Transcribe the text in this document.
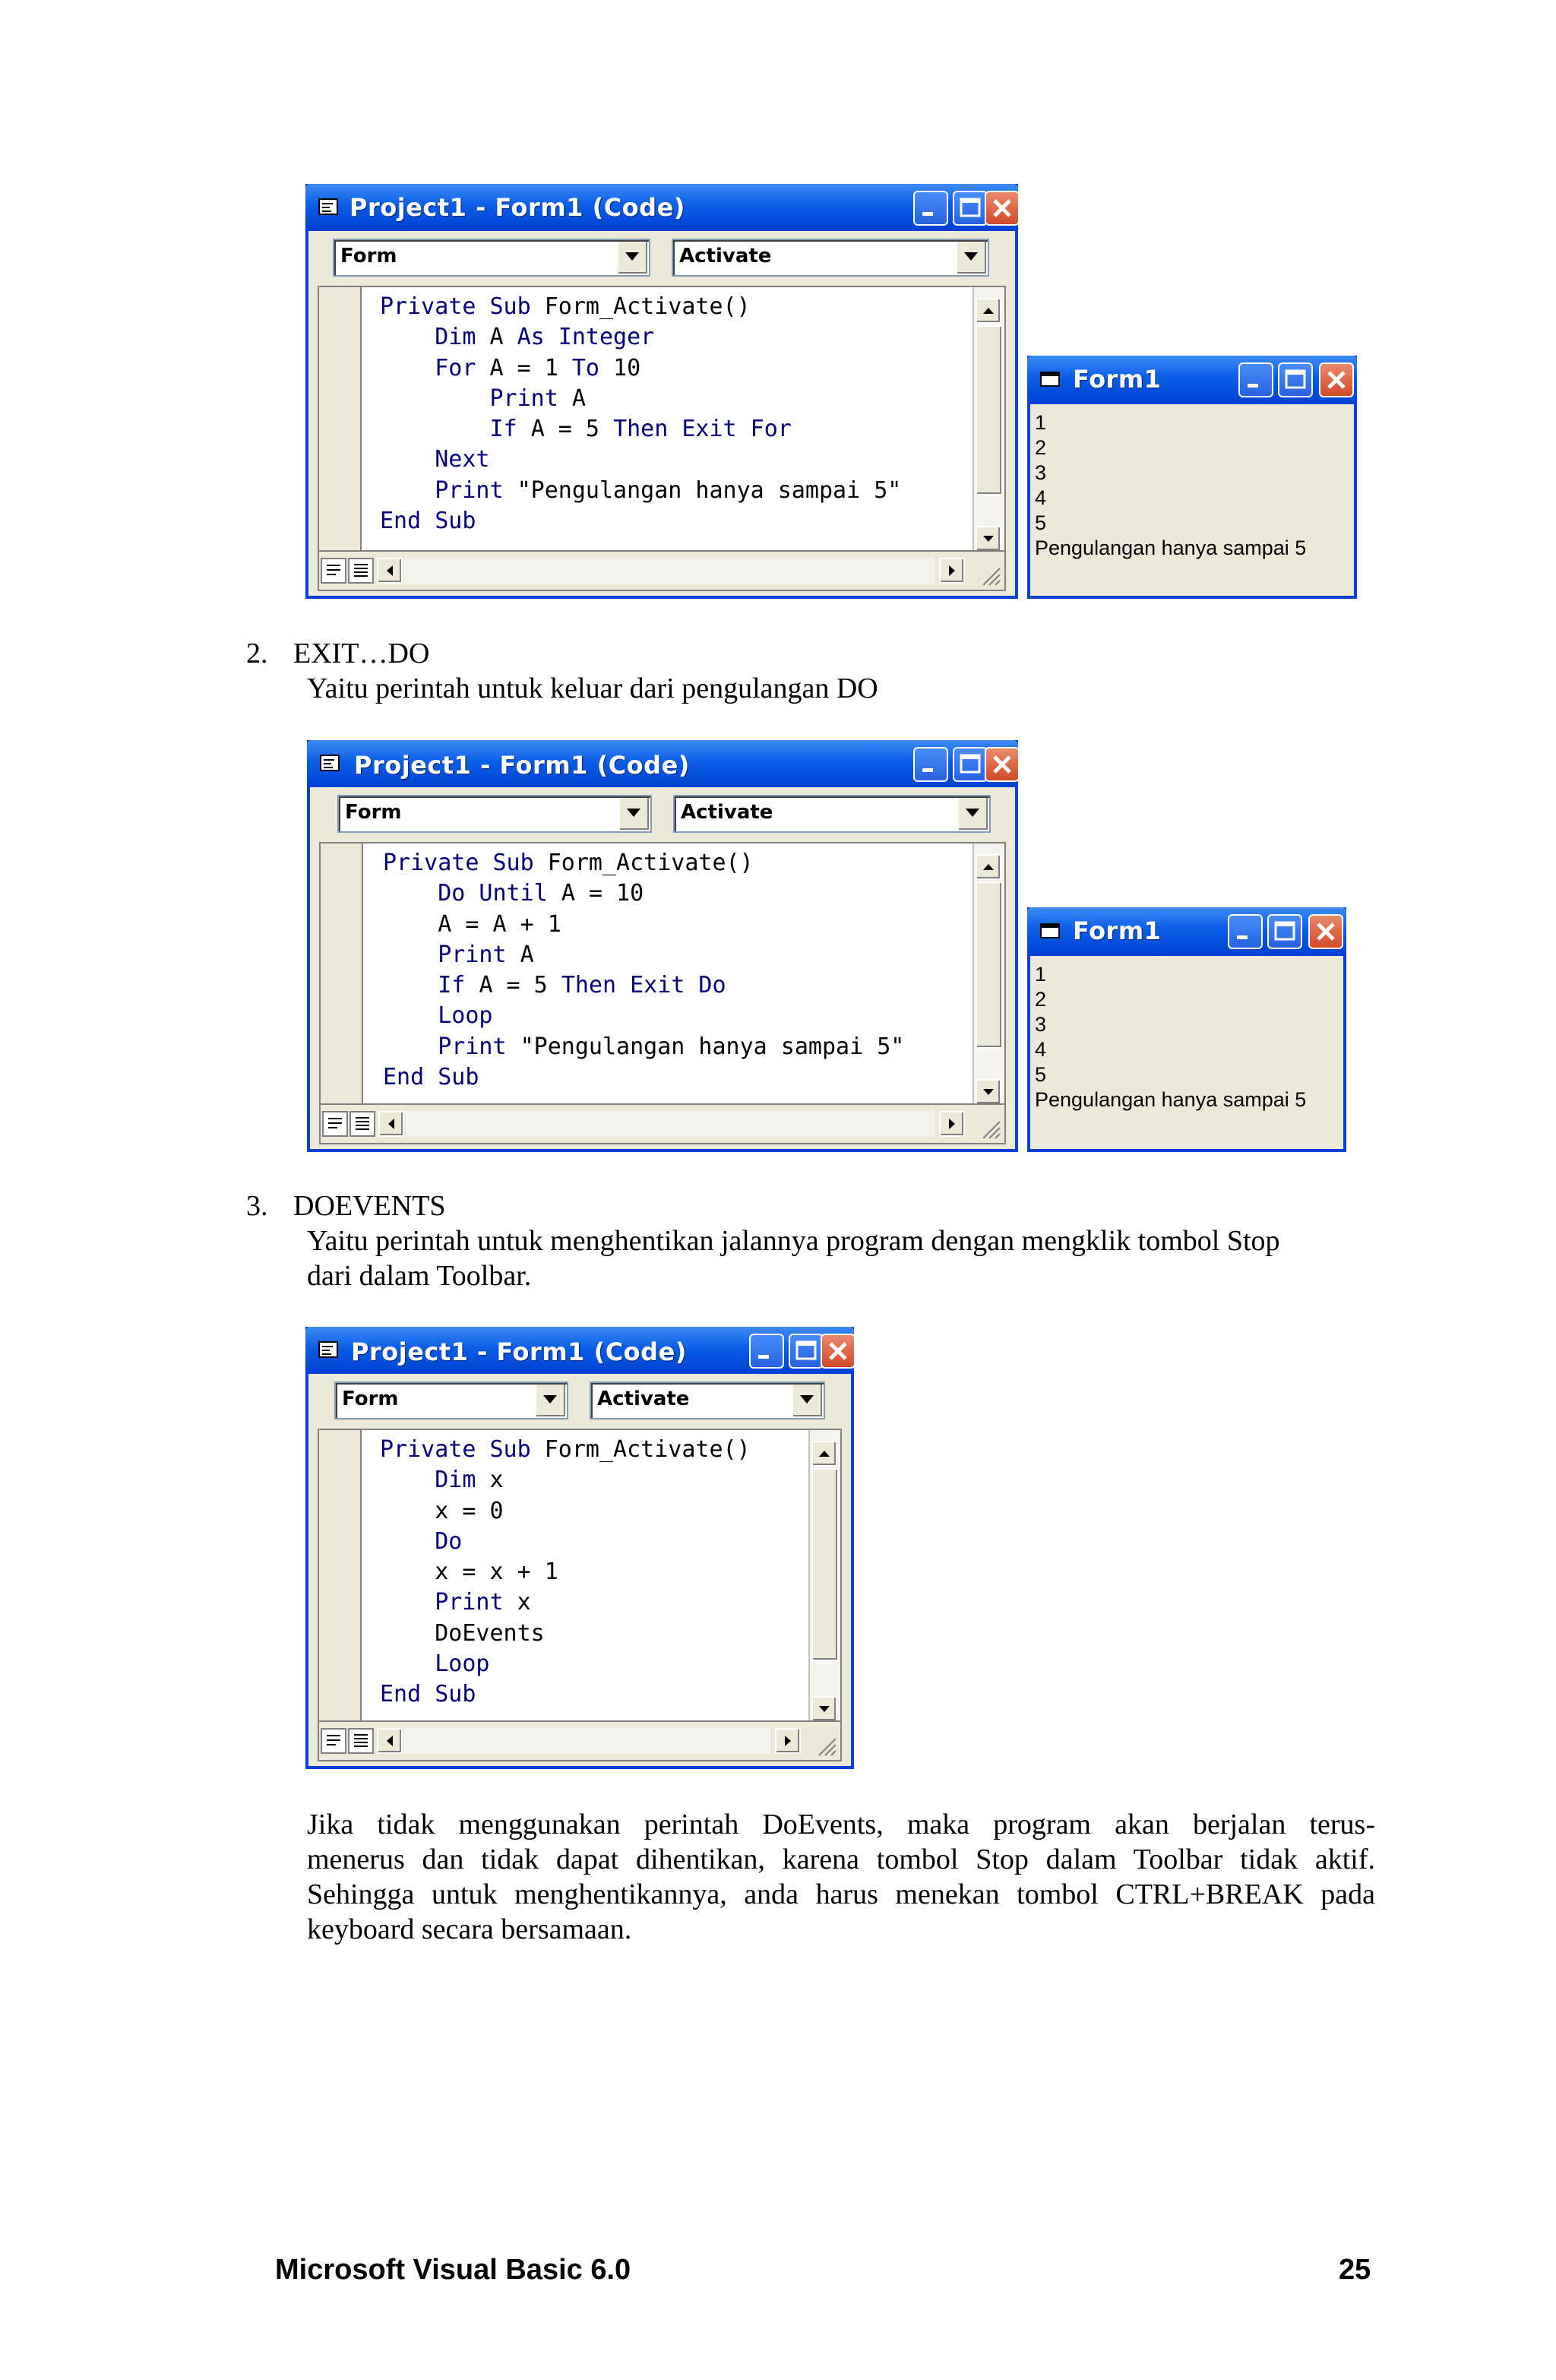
Project1 - Form1 (Code)
Form	Activate
Private Sub Form_Activate()
Dim A As Integer
For A = 1 To 10
Print A
If A = 5 Then Exit For
Next
Print "Pengulangan hanya sampai 5"
End Sub
Form1
1
2
3
4
5
Pengulangan hanya sampai 5
2. EXIT…DO
Yaitu perintah untuk keluar dari pengulangan DO
Project1 - Form1 (Code)
Form	Activate
Private Sub Form_Activate()
Do Until A = 10
A = A + 1
Print A
If A = 5 Then Exit Do
Loop
Print "Pengulangan hanya sampai 5"
End Sub
Form1
1
2
3
4
5
Pengulangan hanya sampai 5
3. DOEVENTS
Yaitu perintah untuk menghentikan jalannya program dengan mengklik tombol Stop
dari dalam Toolbar.
Project1 - Form1 (Code)
Form	Activate
Private Sub Form_Activate()
Dim x
x = 0
Do
x = x + 1
Print x
DoEvents
Loop
End Sub
Jika tidak menggunakan perintah DoEvents, maka program akan berjalan terus-
menerus dan tidak dapat dihentikan, karena tombol Stop dalam Toolbar tidak aktif.
Sehingga untuk menghentikannya, anda harus menekan tombol CTRL+BREAK pada
keyboard secara bersamaan.
Microsoft Visual Basic 6.0	25
